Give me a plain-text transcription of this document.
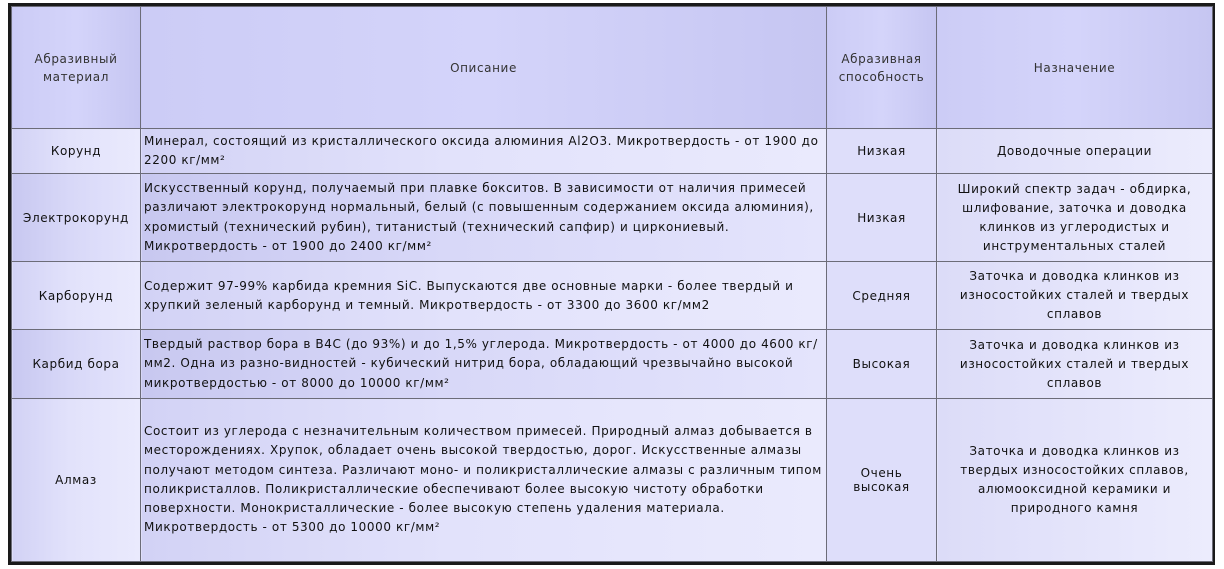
Абразивный материал	Описание	Абразивная способность	Назначение
Корунд	Минерал, состоящий из кристаллического оксида алюминия Al2O3. Микротвердость - от 1900 до 2200 кг/мм²	Низкая	Доводочные операции
Электрокорунд	Искусственный корунд, получаемый при плавке бокситов. В зависимости от наличия примесей различают электрокорунд нормальный, белый (с повышенным содержанием оксида алюминия), хромистый (технический рубин), титанистый (технический сапфир) и циркониевый. Микротвердость - от 1900 до 2400 кг/мм²	Низкая	Широкий спектр задач - обдирка, шлифование, заточка и доводка клинков из углеродистых и инструментальных сталей
Карборунд	Содержит 97-99% карбида кремния SiC. Выпускаются две основные марки - более твердый и хрупкий зеленый карборунд и темный. Микротвердость - от 3300 до 3600 кг/мм2	Средняя	Заточка и доводка клинков из износостойких сталей и твердых сплавов
Карбид бора	Твердый раствор бора в B4C (до 93%) и до 1,5% углерода. Микротвердость - от 4000 до 4600 кг/мм2. Одна из разно-видностей - кубический нитрид бора, обладающий чрезвычайно высокой микротвердостью - от 8000 до 10000 кг/мм²	Высокая	Заточка и доводка клинков из износостойких сталей и твердых сплавов
Алмаз	Состоит из углерода с незначительным количеством примесей. Природный алмаз добывается в месторождениях. Хрупок, обладает очень высокой твердостью, дорог. Искусственные алмазы получают методом синтеза. Различают моно- и поликристаллические алмазы с различным типом поликристаллов. Поликристаллические обеспечивают более высокую чистоту обработки поверхности. Монокристаллические - более высокую степень удаления материала. Микротвердость - от 5300 до 10000 кг/мм²	Очень высокая	Заточка и доводка клинков из твердых износостойких сплавов, алюмооксидной керамики и природного камня
